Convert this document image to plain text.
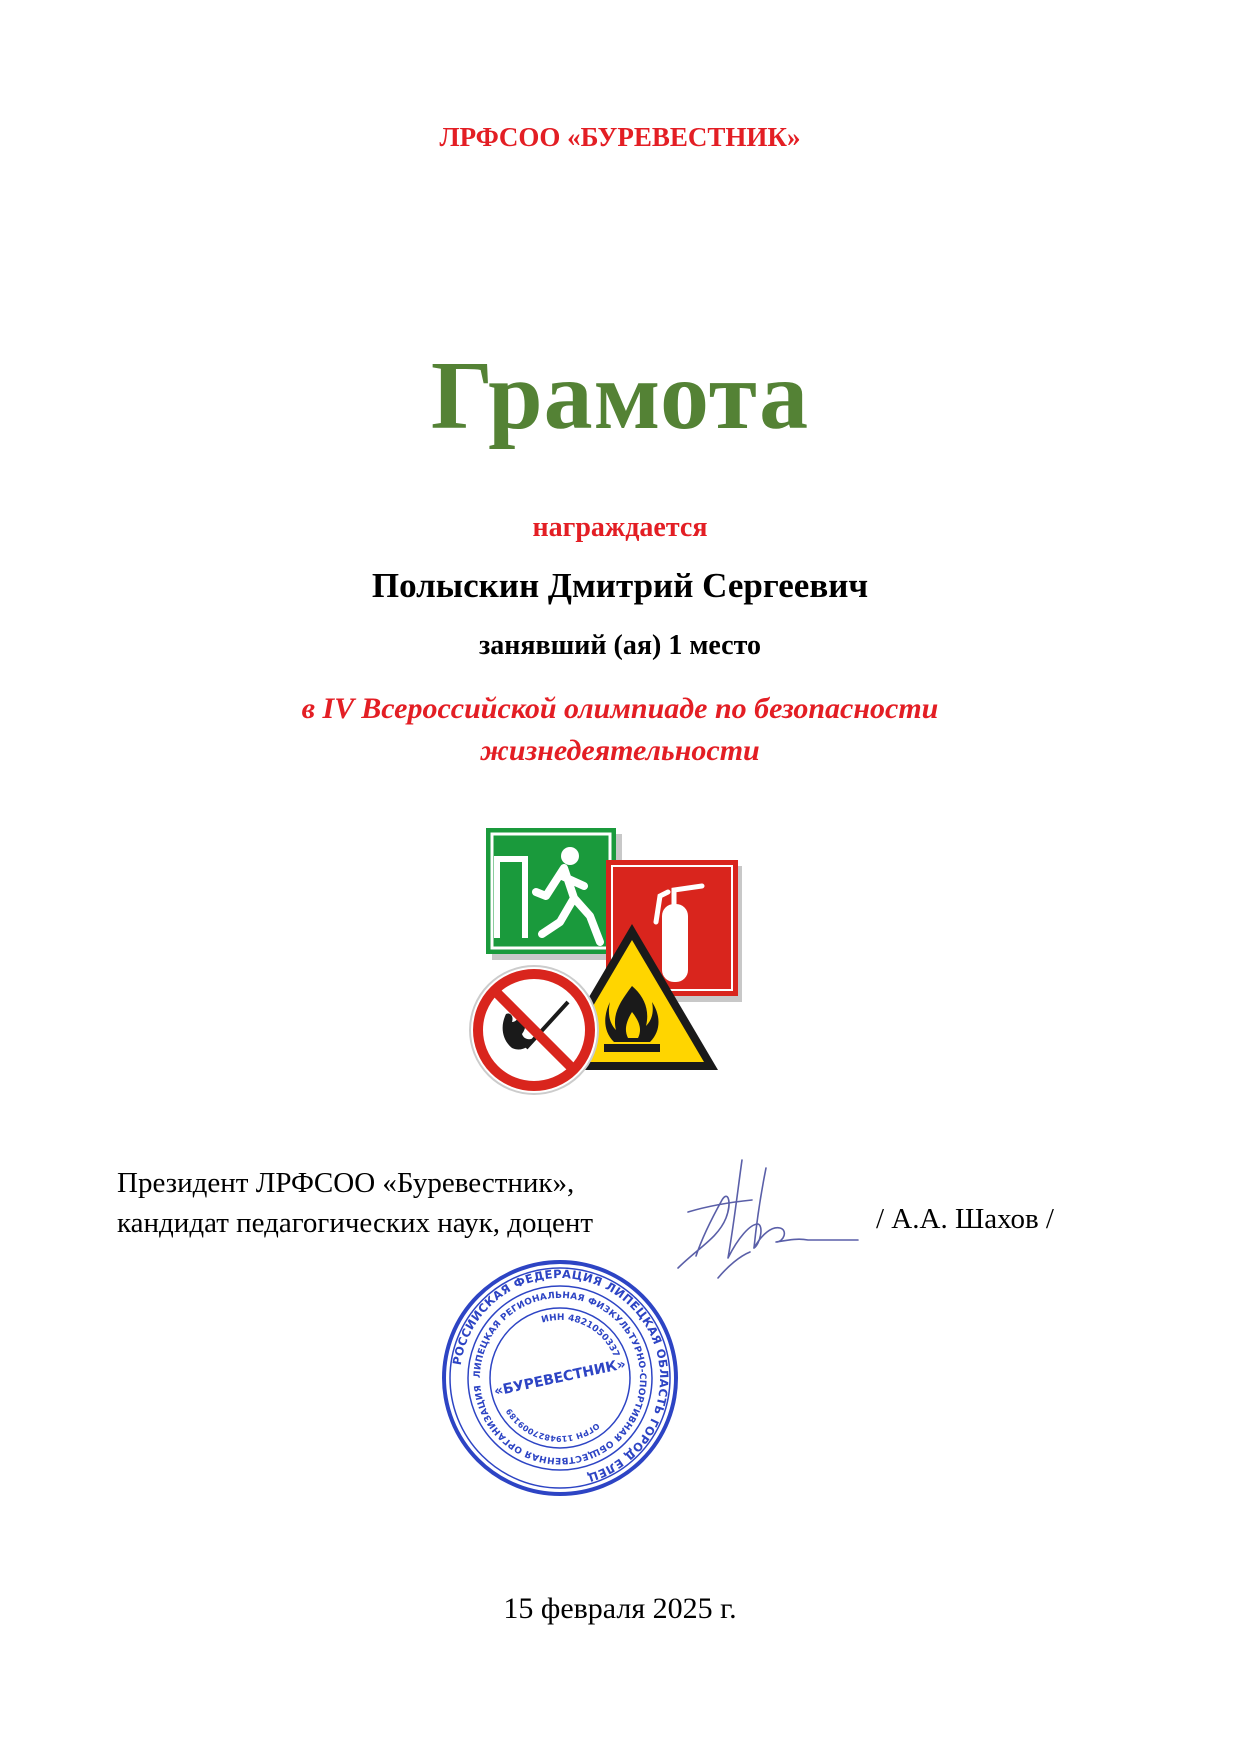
ЛРФСОО «БУРЕВЕСТНИК»
Грамота
награждается
Полыскин Дмитрий Сергеевич
занявший (ая) 1 место
в IV Всероссийской олимпиаде по безопасности
жизнедеятельности
Президент ЛРФСОО «Буревестник»,
кандидат педагогических наук, доцент	/ А.А. Шахов /
РОССИЙСКАЯ ФЕДЕРАЦИЯ ЛИПЕЦКАЯ ОБЛАСТЬ ГОРОД ЕЛЕЦ
ЛИПЕЦКАЯ РЕГИОНАЛЬНАЯ ФИЗКУЛЬТУРНО-СПОРТИВНАЯ ОБЩЕСТВЕННАЯ ОРГАНИЗАЦИЯ
ИНН 4821050337
ОГРН 1194827009189
«БУРЕВЕСТНИК»
15 февраля 2025 г.
